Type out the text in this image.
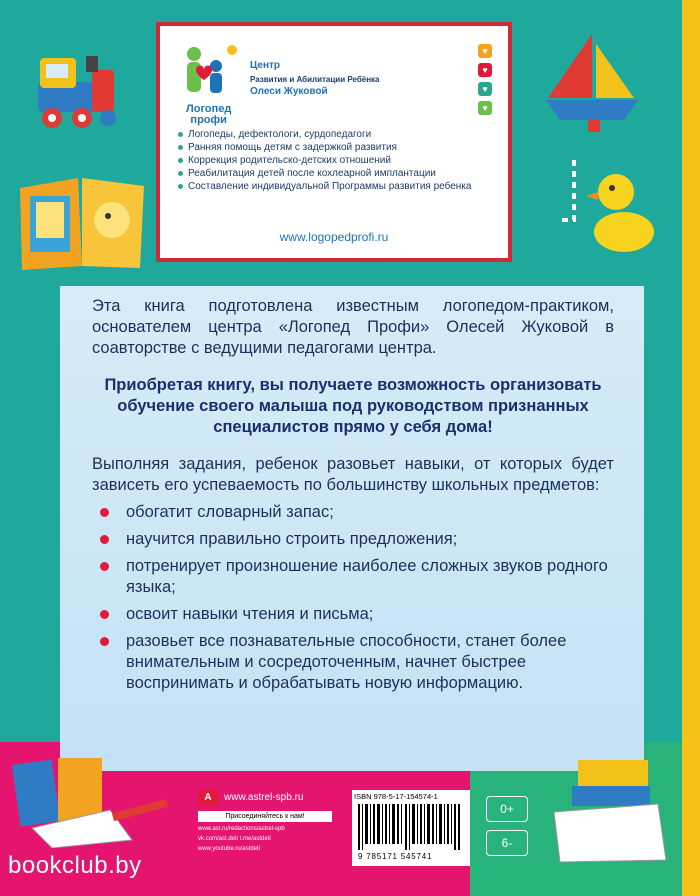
Логопед
профи
Центр
Развития и Абилитации Ребёнка
Олеси Жуковой
♥
♥
♥
♥
Логопеды, дефектологи, сурдопедагоги
Ранняя помощь детям с задержкой развития
Коррекция родительско-детских отношений
Реабилитация детей после кохлеарной имплантации
Составление индивидуальной Программы развития ребенка
www.logopedprofi.ru

Эта книга подготовлена известным логопедом-практиком, основателем центра «Логопед Профи» Олесей Жуковой в соавторстве с ведущими педагогами центра.

Приобретая книгу, вы получаете возможность организовать обучение своего малыша под руководством признанных специалистов прямо у себя дома!

Выполняя задания, ребенок разовьет навыки, от которых будет зависеть его успеваемость по большинству школьных предметов:

обогатит словарный запас;
научится правильно строить предложения;
потренирует произношение наиболее сложных звуков родного языка;
освоит навыки чтения и письма;
разовьет все познавательные способности, станет более внимательным и сосредоточенным, начнет быстрее воспринимать и обрабатывать новую информацию.
А	www.astrel-spb.ru
Присоединяйтесь к нам!
www.ast.ru/redactions/astrel-spb
vk.com/ast.deti t.me/astdeti
www.youtube.ru/astdeti
ISBN 978-5-17-154574-1
9 785171 545741
0+
6-
bookclub.by
